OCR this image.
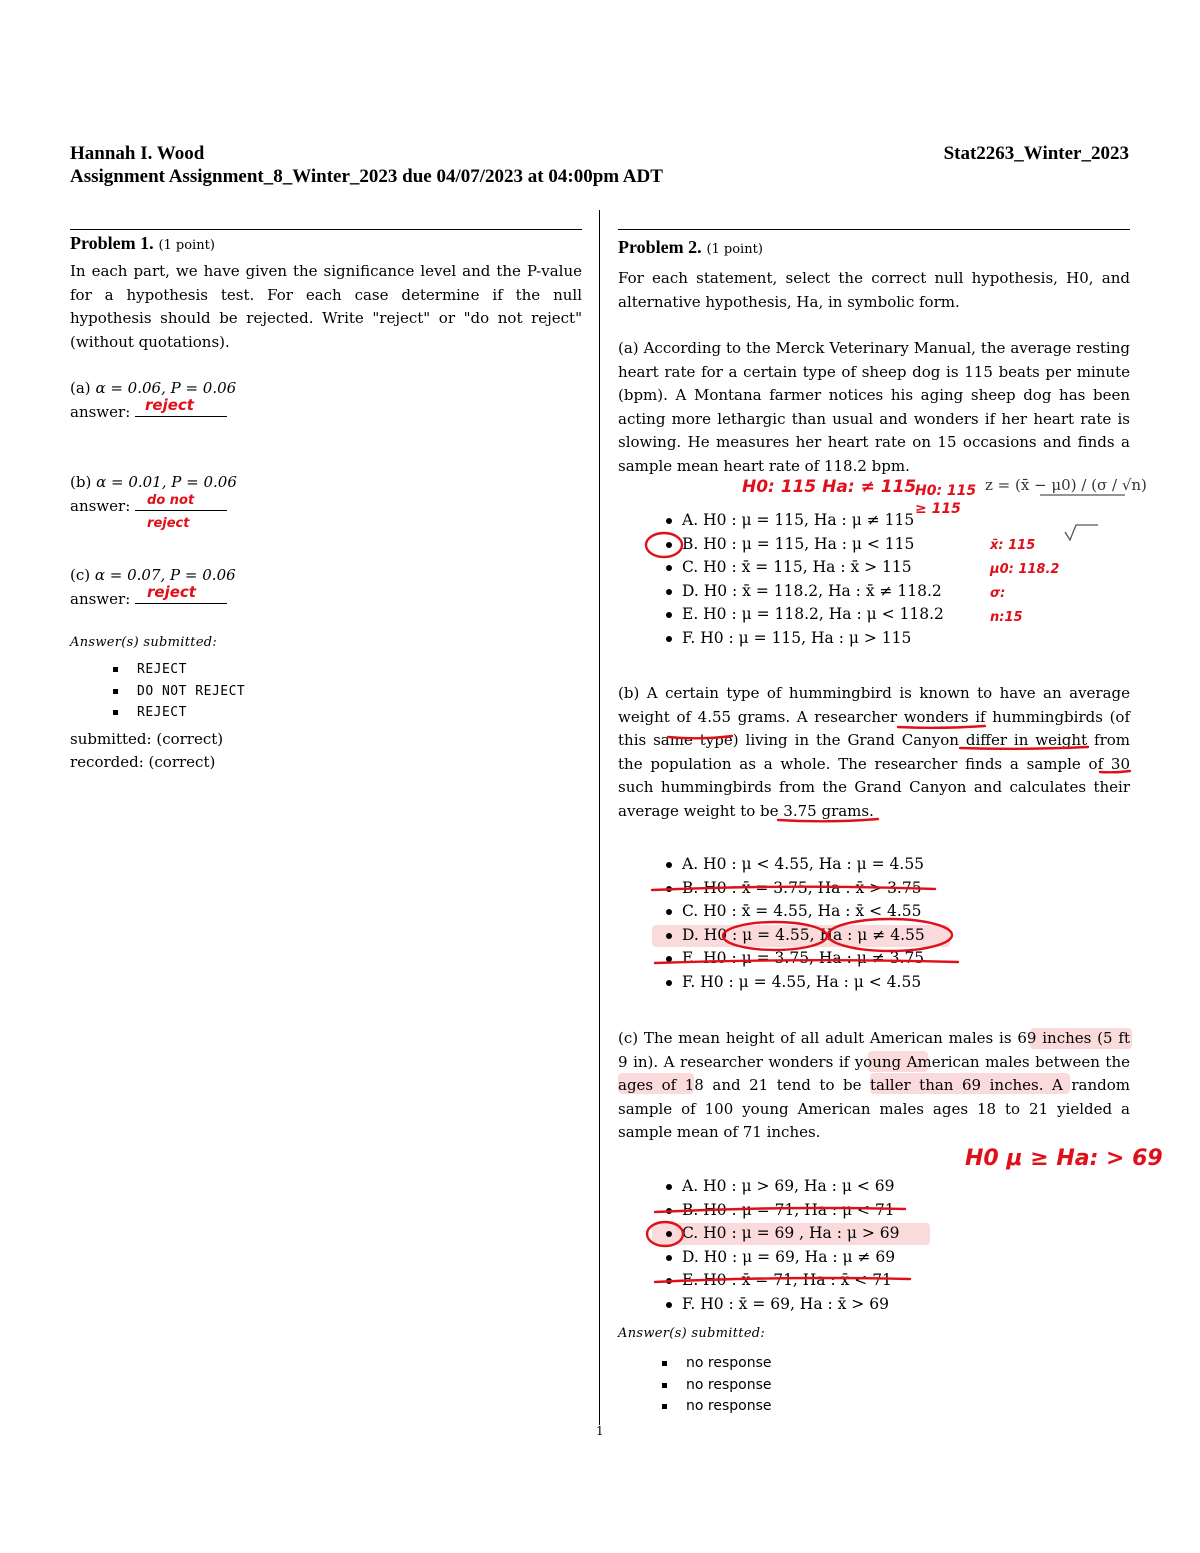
Hannah I. Wood	Stat2263_Winter_2023
Assignment Assignment_8_Winter_2023 due 04/07/2023 at 04:00pm ADT
Problem 1. (1 point)

In each part, we have given the significance level and the P-value for a hypothesis test. For each case determine if the null hypothesis should be rejected. Write "reject" or "do not reject" (without quotations).

(a) α = 0.06, P = 0.06
answer: reject
(b) α = 0.01, P = 0.06
answer: do not reject
(c) α = 0.07, P = 0.06
answer: reject
Answer(s) submitted:
REJECT
DO NOT REJECT
REJECT
submitted: (correct)
recorded: (correct)
Problem 2. (1 point)

For each statement, select the correct null hypothesis, H0, and alternative hypothesis, Ha, in symbolic form.

(a) According to the Merck Veterinary Manual, the average resting heart rate for a certain type of sheep dog is 115 beats per minute (bpm). A Montana farmer notices his aging sheep dog has been acting more lethargic than usual and wonders if her heart rate is slowing. He measures her heart rate on 15 occasions and finds a sample mean heart rate of 118.2 bpm.

A. H0 : μ = 115, Ha : μ ≠ 115
B. H0 : μ = 115, Ha : μ < 115
C. H0 : x̄ = 115, Ha : x̄ > 115
D. H0 : x̄ = 118.2, Ha : x̄ ≠ 118.2
E. H0 : μ = 118.2, Ha : μ < 118.2
F. H0 : μ = 115, Ha : μ > 115
H0: 115 Ha: ≠ 115
H0: 115 ≥ 115
z = (x̄ − μ0) / (σ / √n)
x̄: 115
μ0: 118.2
σ:
n:15

(b) A certain type of hummingbird is known to have an average weight of 4.55 grams. A researcher wonders if hummingbirds (of this same type) living in the Grand Canyon differ in weight from the population as a whole. The researcher finds a sample of 30 such hummingbirds from the Grand Canyon and calculates their average weight to be 3.75 grams.

A. H0 : μ < 4.55, Ha : μ = 4.55
B. H0 : x̄ = 3.75, Ha : x̄ > 3.75
C. H0 : x̄ = 4.55, Ha : x̄ < 4.55
D. H0 : μ = 4.55, Ha : μ ≠ 4.55
E. H0 : μ = 3.75, Ha : μ ≠ 3.75
F. H0 : μ = 4.55, Ha : μ < 4.55

(c) The mean height of all adult American males is 69 inches (5 ft 9 in). A researcher wonders if young American males between the ages of 18 and 21 tend to be taller than 69 inches. A random sample of 100 young American males ages 18 to 21 yielded a sample mean of 71 inches.

A. H0 : μ > 69, Ha : μ < 69
B. H0 : μ = 71, Ha : μ < 71
C. H0 : μ = 69 , Ha : μ > 69
D. H0 : μ = 69, Ha : μ ≠ 69
E. H0 : x̄ = 71, Ha : x̄ < 71
F. H0 : x̄ = 69, Ha : x̄ > 69
H0 μ ≥ Ha: > 69
Answer(s) submitted:
no response
no response
no response
1
